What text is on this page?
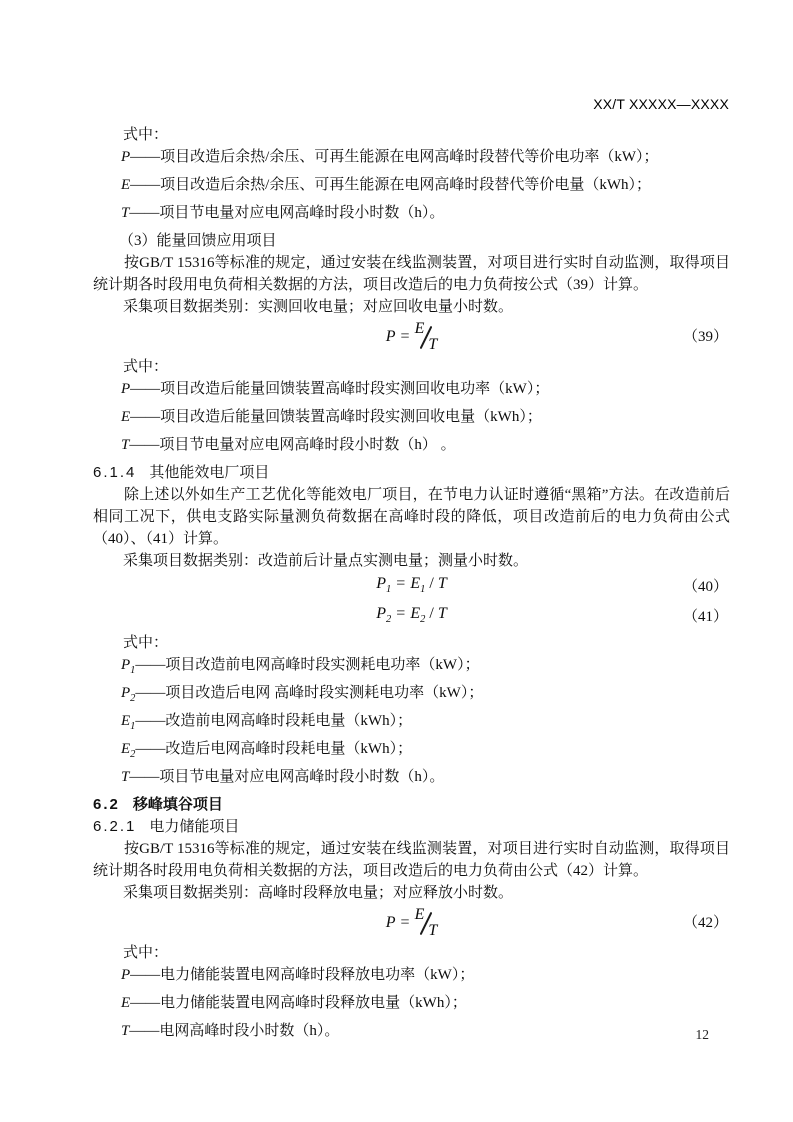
XX/T XXXXX—XXXX

式中：

P——项目改造后余热/余压、可再生能源在电网高峰时段替代等价电功率（kW）；

E——项目改造后余热/余压、可再生能源在电网高峰时段替代等价电量（kWh）；

T——项目节电量对应电网高峰时段小时数（h）。

（3）能量回馈应用项目

按GB/T 15316等标准的规定，通过安装在线监测装置，对项目进行实时自动监测，取得项目统计期各时段用电负荷相关数据的方法，项目改造后的电力负荷按公式（39）计算。

采集项目数据类别：实测回收电量；对应回收电量小时数。

P = ET	（39）

式中：

P——项目改造后能量回馈装置高峰时段实测回收电功率（kW）；

E——项目改造后能量回馈装置高峰时段实测回收电量（kWh）；

T——项目节电量对应电网高峰时段小时数（h） 。

6.1.4 其他能效电厂项目

除上述以外如生产工艺优化等能效电厂项目，在节电力认证时遵循“黑箱”方法。在改造前后相同工况下，供电支路实际量测负荷数据在高峰时段的降低，项目改造前后的电力负荷由公式（40）、（41）计算。

采集项目数据类别：改造前后计量点实测电量；测量小时数。

$P_1 = E_1 / T$	（40）
$P_2 = E_2 / T$	（41）

式中：

$P_1——$项目改造前电网高峰时段实测耗电功率（kW）；

$P_2——$项目改造后电网 高峰时段实测耗电功率（kW）；

$E_1——$改造前电网高峰时段耗电量（kWh）；

$E_2——$改造后电网高峰时段耗电量（kWh）；

T——项目节电量对应电网高峰时段小时数（h）。

6.2 移峰填谷项目

6.2.1 电力储能项目

按GB/T 15316等标准的规定，通过安装在线监测装置，对项目进行实时自动监测，取得项目统计期各时段用电负荷相关数据的方法，项目改造后的电力负荷由公式（42）计算。

采集项目数据类别：高峰时段释放电量；对应释放小时数。

P = ET	（42）

式中：

P——电力储能装置电网高峰时段释放电功率（kW）；

E——电力储能装置电网高峰时段释放电量（kWh）；

T——电网高峰时段小时数（h）。	12
